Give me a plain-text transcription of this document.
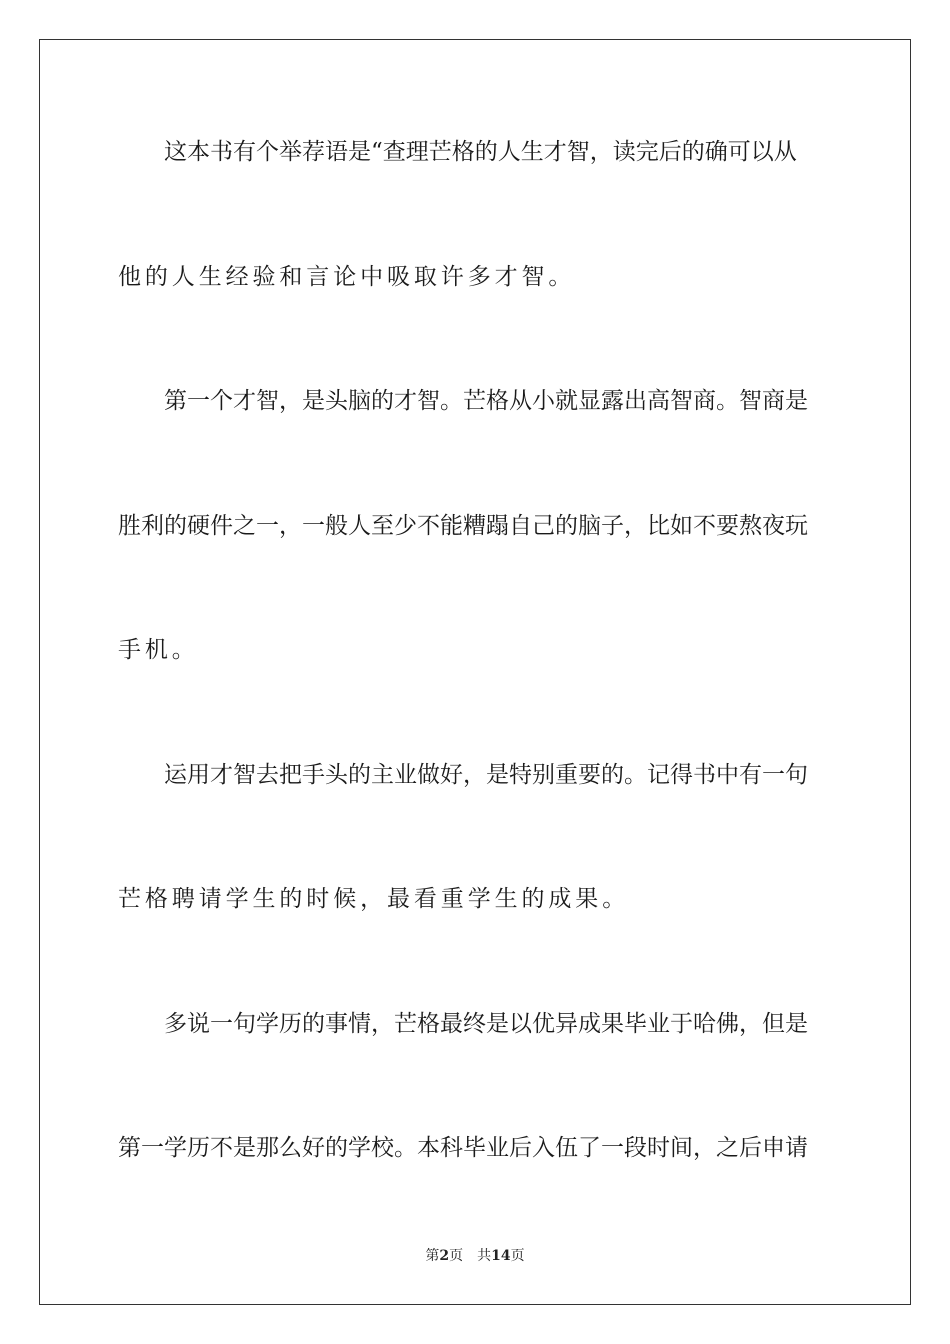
这本书有个举荐语是“查理芒格的人生才智，读完后的确可以从
他的人生经验和言论中吸取许多才智。
第一个才智，是头脑的才智。芒格从小就显露出高智商。智商是
胜利的硬件之一，一般人至少不能糟蹋自己的脑子，比如不要熬夜玩
手机。
运用才智去把手头的主业做好，是特别重要的。记得书中有一句
芒格聘请学生的时候，最看重学生的成果。
多说一句学历的事情，芒格最终是以优异成果毕业于哈佛，但是
第一学历不是那么好的学校。本科毕业后入伍了一段时间，之后申请
第2页 共14页
